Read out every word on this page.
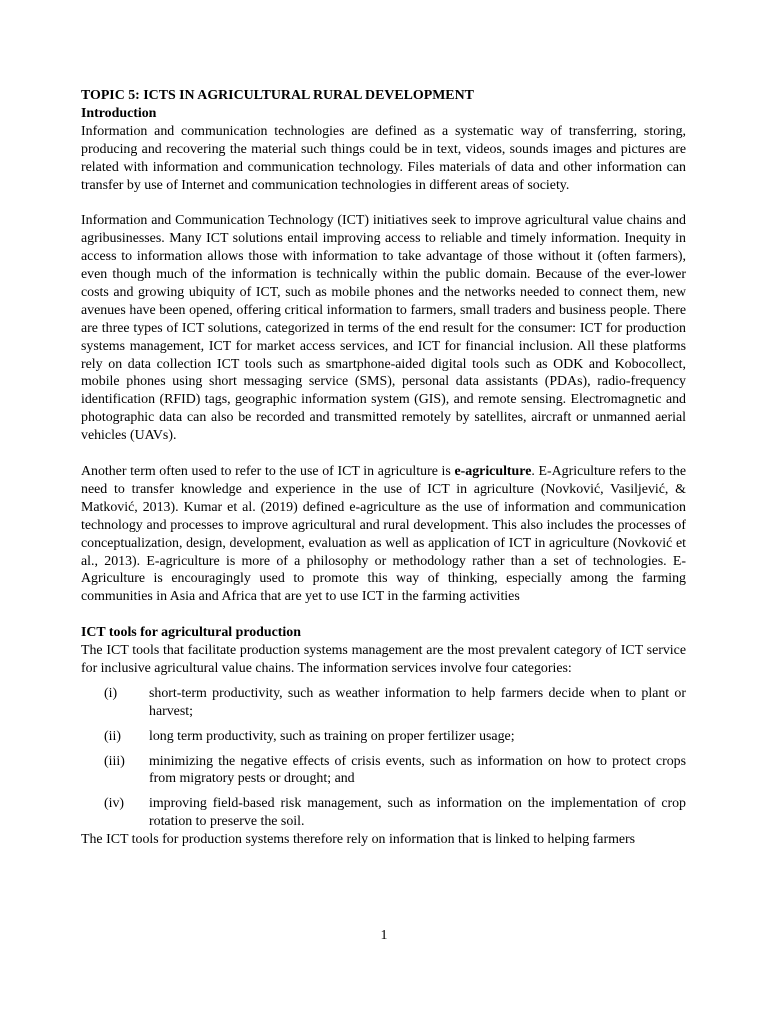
TOPIC 5: ICTS IN AGRICULTURAL RURAL DEVELOPMENT
Introduction

Information and communication technologies are defined as a systematic way of transferring, storing, producing and recovering the material such things could be in text, videos, sounds images and pictures are related with information and communication technology. Files materials of data and other information can transfer by use of Internet and communication technologies in different areas of society.

Information and Communication Technology (ICT) initiatives seek to improve agricultural value chains and agribusinesses. Many ICT solutions entail improving access to reliable and timely information. Inequity in access to information allows those with information to take advantage of those without it (often farmers), even though much of the information is technically within the public domain. Because of the ever-lower costs and growing ubiquity of ICT, such as mobile phones and the networks needed to connect them, new avenues have been opened, offering critical information to farmers, small traders and business people. There are three types of ICT solutions, categorized in terms of the end result for the consumer: ICT for production systems management, ICT for market access services, and ICT for financial inclusion. All these platforms rely on data collection ICT tools such as smartphone-aided digital tools such as ODK and Kobocollect, mobile phones using short messaging service (SMS), personal data assistants (PDAs), radio-frequency identification (RFID) tags, geographic information system (GIS), and remote sensing. Electromagnetic and photographic data can also be recorded and transmitted remotely by satellites, aircraft or unmanned aerial vehicles (UAVs).

Another term often used to refer to the use of ICT in agriculture is e-agriculture. E-Agriculture refers to the need to transfer knowledge and experience in the use of ICT in agriculture (Novković, Vasiljević, & Matković, 2013). Kumar et al. (2019) defined e-agriculture as the use of information and communication technology and processes to improve agricultural and rural development. This also includes the processes of conceptualization, design, development, evaluation as well as application of ICT in agriculture (Novković et al., 2013). E-agriculture is more of a philosophy or methodology rather than a set of technologies. E-Agriculture is encouragingly used to promote this way of thinking, especially among the farming communities in Asia and Africa that are yet to use ICT in the farming activities

ICT tools for agricultural production

The ICT tools that facilitate production systems management are the most prevalent category of ICT service for inclusive agricultural value chains. The information services involve four categories:

(i) short-term productivity, such as weather information to help farmers decide when to plant or harvest;
(ii) long term productivity, such as training on proper fertilizer usage;
(iii) minimizing the negative effects of crisis events, such as information on how to protect crops from migratory pests or drought; and
(iv) improving field-based risk management, such as information on the implementation of crop rotation to preserve the soil.

The ICT tools for production systems therefore rely on information that is linked to helping farmers

1
